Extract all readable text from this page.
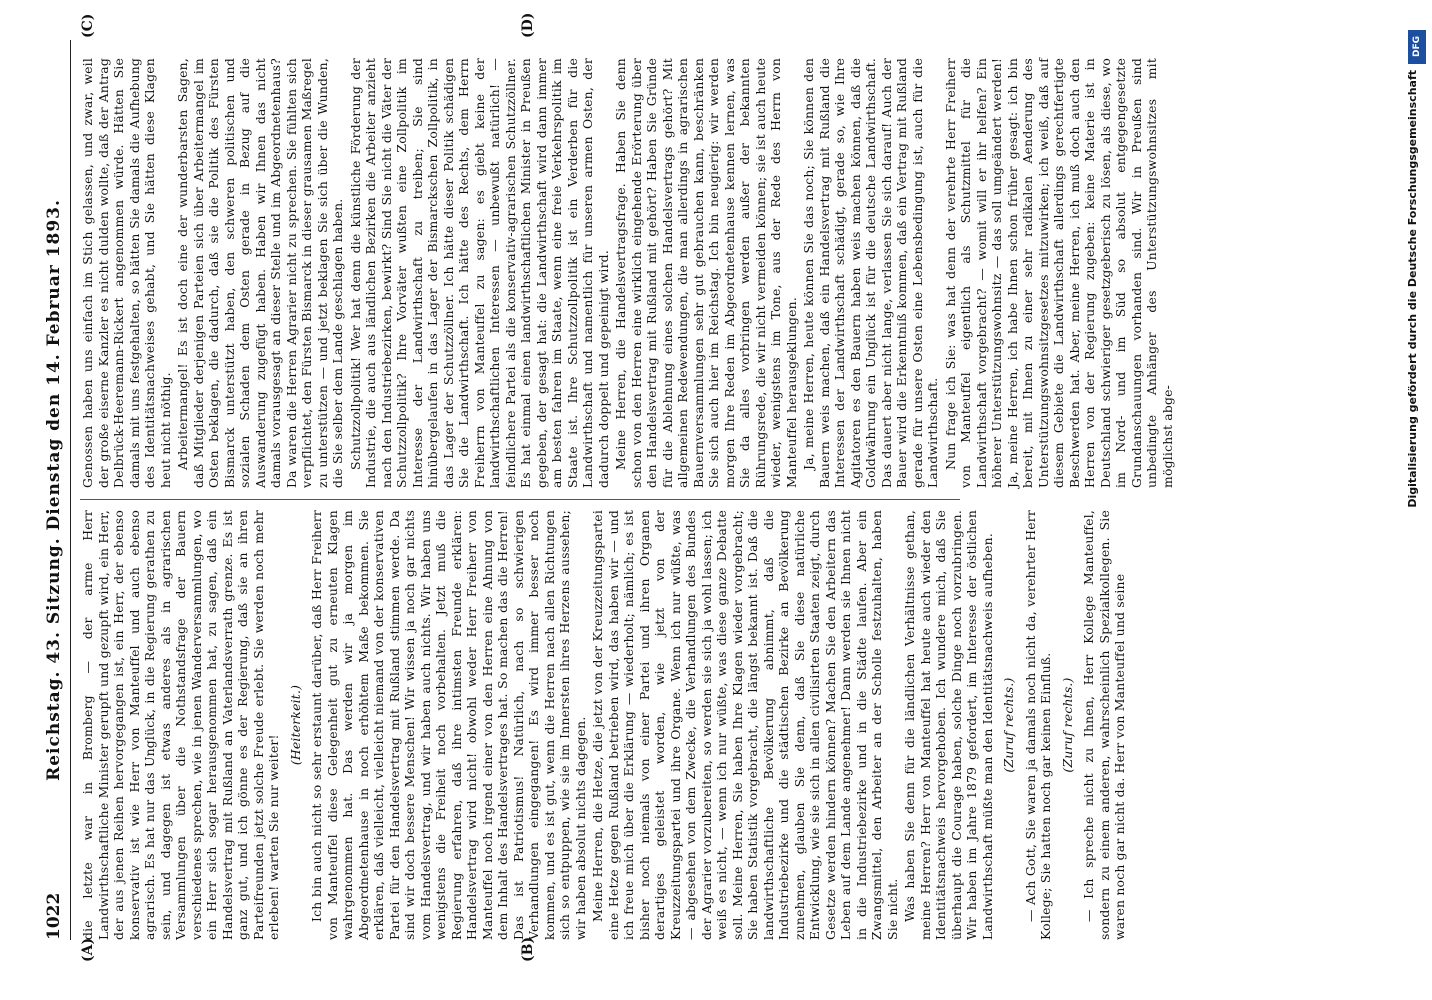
1022
Reichstag. 43. Sitzung. Dienstag den 14. Februar 1893.
(A)	(B)
(C)	(D)

die letzte war in Bromberg — der arme Herr Landwirthschaftliche Minister gerupft und gezupft wird, ein Herr, der aus jenen Reihen hervorgegangen ist, ein Herr, der ebenso konservativ ist wie Herr von Manteuffel und auch ebenso agrarisch. Es hat nur das Unglück, in die Regierung gerathen zu sein, und dagegen ist etwas anderes als in agrarischen Versammlungen über die Nothstandsfrage der Bauern verschiedenes sprechen, wie in jenen Wanderversammlungen, wo ein Herr sich sogar herausgenommen hat, zu sagen, daß ein Handelsvertrag mit Rußland an Vaterlandsverrath grenze. Es ist ganz gut, und ich gönne es der Regierung, daß sie an ihren Parteifreunden jetzt solche Freude erlebt. Sie werden noch mehr erleben! warten Sie nur weiter!

(Heiterkeit.) Ich bin auch nicht so sehr erstaunt darüber, daß Herr Freiherr von Manteuffel diese Gelegenheit gut zu erneuten Klagen wahrgenommen hat. Das werden wir ja morgen im Abgeordnetenhause in noch erhöhtem Maße bekommen. Sie erklären, daß vielleicht, vielleicht niemand von der konservativen Partei für den Handelsvertrag mit Rußland stimmen werde. Da sind wir doch bessere Menschen! Wir wissen ja noch gar nichts vom Handelsvertrag, und wir haben auch nichts. Wir haben uns wenigstens die Freiheit noch vorbehalten. Jetzt muß die Regierung erfahren, daß ihre intimsten Freunde erklären: Handelsvertrag wird nicht! obwohl weder Herr Freiherr von Manteuffel noch irgend einer von den Herren eine Ahnung von dem Inhalt des Handelsvertrages hat. So machen das die Herren! Das ist Patriotismus! Natürlich, nach so schwierigen Verhandlungen eingegangen! Es wird immer besser noch kommen, und es ist gut, wenn die Herren nach allen Richtungen sich so entpuppen, wie sie im Innersten ihres Herzens aussehen; wir haben absolut nichts dagegen. Meine Herren, die Hetze, die jetzt von der Kreuzzeitungspartei eine Hetze gegen Rußland betrieben wird, das haben wir — und ich freue mich über die Erklärung — wiederholt; nämlich; es ist bisher noch niemals von einer Partei und ihren Organen derartiges geleistet worden, wie jetzt von der Kreuzzeitungspartei und ihre Organe. Wenn ich nur wüßte, was — abgesehen von dem Zwecke, die Verhandlungen des Bundes der Agrarier vorzubereiten, so werden sie sich ja wohl lassen; ich weiß es nicht, — wenn ich nur wüßte, was diese ganze Debatte soll. Meine Herren, Sie haben Ihre Klagen wieder vorgebracht; Sie haben Statistik vorgebracht, die längst bekannt ist. Daß die landwirthschaftliche Bevölkerung abnimmt, daß die Industriebezirke und die städtischen Bezirke an Bevölkerung zunehmen, glauben Sie denn, daß Sie diese natürliche Entwicklung, wie sie sich in allen civilisirten Staaten zeigt, durch Gesetze werden hindern können? Machen Sie den Arbeitern das Leben auf dem Lande angenehmer! Dann werden sie Ihnen nicht in die Industriebezirke und in die Städte laufen. Aber ein Zwangsmittel, den Arbeiter an der Scholle festzuhalten, haben Sie nicht. Was haben Sie denn für die ländlichen Verhältnisse gethan, meine Herren? Herr von Manteuffel hat heute auch wieder den Identitätsnachweis hervorgehoben. Ich wundere mich, daß Sie überhaupt die Courage haben, solche Dinge noch vorzubringen. Wir haben im Jahre 1879 gefordert, im Interesse der östlichen Landwirthschaft müßte man den Identitätsnachweis aufheben. (Zuruf rechts.) — Ach Gott, Sie waren ja damals noch nicht da, verehrter Herr Kollege; Sie hatten noch gar keinen Einfluß. (Zuruf rechts.) — Ich spreche nicht zu Ihnen, Herr Kollege Manteuffel, sondern zu einem anderen, wahrscheinlich Spezialkollegen. Sie waren noch gar nicht da. Herr von Manteuffel und seine

Genossen haben uns einfach im Stich gelassen, und zwar, weil der große eiserne Kanzler es nicht dulden wollte, daß der Antrag Delbrück-Heeremann-Rickert angenommen würde. Hätten Sie damals mit uns festgehalten, so hätten Sie damals die Aufhebung des Identitätsnachweises gehabt, und Sie hätten diese Klagen heut nicht nöthig. Arbeitermangel! Es ist doch eine der wunderbarsten Sagen, daß Mitglieder derjenigen Parteien sich über Arbeitermangel im Osten beklagen, die dadurch, daß sie die Politik des Fürsten Bismarck unterstützt haben, den schweren politischen und sozialen Schaden dem Osten gerade in Bezug auf die Auswanderung zugefügt haben. Haben wir Ihnen das nicht damals vorausgesagt an dieser Stelle und im Abgeordnetenhaus? Da waren die Herren Agrarier nicht zu sprechen. Sie fühlten sich verpflichtet, den Fürsten Bismarck in dieser grausamen Maßregel zu unterstützen — und jetzt beklagen Sie sich über die Wunden, die Sie selber dem Lande geschlagen haben. Schutzzollpolitik! Wer hat denn die künstliche Förderung der Industrie, die auch aus ländlichen Bezirken die Arbeiter anzieht nach den Industriebezirken, bewirkt? Sind Sie nicht die Väter der Schutzzollpolitik? Ihre Vorväter wußten eine Zollpolitik im Interesse der Landwirthschaft zu treiben; Sie sind hinübergelaufen in das Lager der Bismarckschen Zollpolitik, in das Lager der Schutzzöllner. Ich hätte dieser Politik schädigen Sie die Landwirthschaft. Ich hätte des Rechts, dem Herrn Freiherrn von Manteuffel zu sagen: es giebt keine der landwirthschaftlichen Interessen — unbewußt natürlich! — feindlichere Partei als die konservativ-agrarischen Schutzzöllner. Es hat einmal einen landwirthschaftlichen Minister in Preußen gegeben, der gesagt hat: die Landwirthschaft wird dann immer am besten fahren im Staate, wenn eine freie Verkehrspolitik im Staate ist. Ihre Schutzzollpolitik ist ein Verderben für die Landwirthschaft und namentlich für unseren armen Osten, der dadurch doppelt und gepeinigt wird. Meine Herren, die Handelsvertragsfrage. Haben Sie denn schon von den Herren eine wirklich eingehende Erörterung über den Handelsvertrag mit Rußland mit gehört? Haben Sie Gründe für die Ablehnung eines solchen Handelsvertrags gehört? Mit allgemeinen Redewendungen, die man allerdings in agrarischen Bauernversammlungen sehr gut gebrauchen kann, beschränken Sie sich auch hier im Reichstag. Ich bin neugierig: wir werden morgen Ihre Reden im Abgeordnetenhause kennen lernen, was Sie da alles vorbringen werden außer der bekannten Rührungsrede, die wir nicht vermeiden können; sie ist auch heute wieder, wenigstens im Tone, aus der Rede des Herrn von Manteuffel herausgeklungen. Ja, meine Herren, heute können Sie das noch; Sie können den Bauern weis machen, daß ein Handelsvertrag mit Rußland die Interessen der Landwirthschaft schädigt, gerade so, wie Ihre Agitatoren es den Bauern haben weis machen können, daß die Goldwährung ein Unglück ist für die deutsche Landwirthschaft. Das dauert aber nicht lange, verlassen Sie sich darauf! Auch der Bauer wird die Erkenntniß kommen, daß ein Vertrag mit Rußland gerade für unsere Osten eine Lebensbedingung ist, auch für die Landwirthschaft. Nun frage ich Sie: was hat denn der verehrte Herr Freiherr von Manteuffel eigentlich als Schutzmittel für die Landwirthschaft vorgebracht? — womit will er ihr helfen? Ein höherer Unterstützungswohnsitz — das soll umgeändert werden! Ja, meine Herren, ich habe Ihnen schon früher gesagt: ich bin bereit, mit Ihnen zu einer sehr radikalen Aenderung des Unterstützungswohnsitzgesetzes mitzuwirken; ich weiß, daß auf diesem Gebiete die Landwirthschaft allerdings gerechtfertigte Beschwerden hat. Aber, meine Herren, ich muß doch auch den Herren von der Regierung zugeben: keine Materie ist in Deutschland schwieriger gesetzgeberisch zu lösen, als diese, wo im Nord- und im Süd so absolut entgegengesetzte Grundanschauungen vorhanden sind. Wir in Preußen sind unbedingte Anhänger des Unterstützungswohnsitzes mit möglichst abge-

DFG
Digitalisierung gefördert durch die Deutsche Forschungsgemeinschaft
